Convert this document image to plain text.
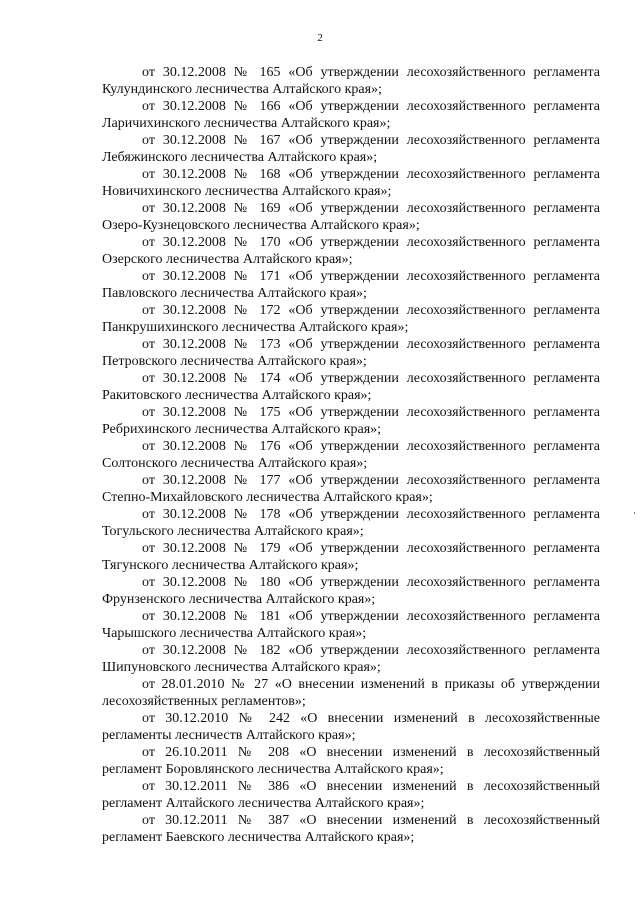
2

от 30.12.2008 № 165 «Об утверждении лесохозяйственного регламента Кулундинского лесничества Алтайского края»;

от 30.12.2008 № 166 «Об утверждении лесохозяйственного регламента Ларичихинского лесничества Алтайского края»;

от 30.12.2008 № 167 «Об утверждении лесохозяйственного регламента Лебяжинского лесничества Алтайского края»;

от 30.12.2008 № 168 «Об утверждении лесохозяйственного регламента Новичихинского лесничества Алтайского края»;

от 30.12.2008 № 169 «Об утверждении лесохозяйственного регламента Озеро-Кузнецовского лесничества Алтайского края»;

от 30.12.2008 № 170 «Об утверждении лесохозяйственного регламента Озерского лесничества Алтайского края»;

от 30.12.2008 № 171 «Об утверждении лесохозяйственного регламента Павловского лесничества Алтайского края»;

от 30.12.2008 № 172 «Об утверждении лесохозяйственного регламента Панкрушихинского лесничества Алтайского края»;

от 30.12.2008 № 173 «Об утверждении лесохозяйственного регламента Петровского лесничества Алтайского края»;

от 30.12.2008 № 174 «Об утверждении лесохозяйственного регламента Ракитовского лесничества Алтайского края»;

от 30.12.2008 № 175 «Об утверждении лесохозяйственного регламента Ребрихинского лесничества Алтайского края»;

от 30.12.2008 № 176 «Об утверждении лесохозяйственного регламента Солтонского лесничества Алтайского края»;

от 30.12.2008 № 177 «Об утверждении лесохозяйственного регламента Степно-Михайловского лесничества Алтайского края»;

от 30.12.2008 № 178 «Об утверждении лесохозяйственного регламента Тогульского лесничества Алтайского края»;

от 30.12.2008 № 179 «Об утверждении лесохозяйственного регламента Тягунского лесничества Алтайского края»;

от 30.12.2008 № 180 «Об утверждении лесохозяйственного регламента Фрунзенского лесничества Алтайского края»;

от 30.12.2008 № 181 «Об утверждении лесохозяйственного регламента Чарышского лесничества Алтайского края»;

от 30.12.2008 № 182 «Об утверждении лесохозяйственного регламента Шипуновского лесничества Алтайского края»;

от 28.01.2010 № 27 «О внесении изменений в приказы об утверждении лесохозяйственных регламентов»;

от 30.12.2010 № 242 «О внесении изменений в лесохозяйственные регламенты лесничеств Алтайского края»;

от 26.10.2011 № 208 «О внесении изменений в лесохозяйственный регламент Боровлянского лесничества Алтайского края»;

от 30.12.2011 № 386 «О внесении изменений в лесохозяйственный регламент Алтайского лесничества Алтайского края»;

от 30.12.2011 № 387 «О внесении изменений в лесохозяйственный регламент Баевского лесничества Алтайского края»;

·
